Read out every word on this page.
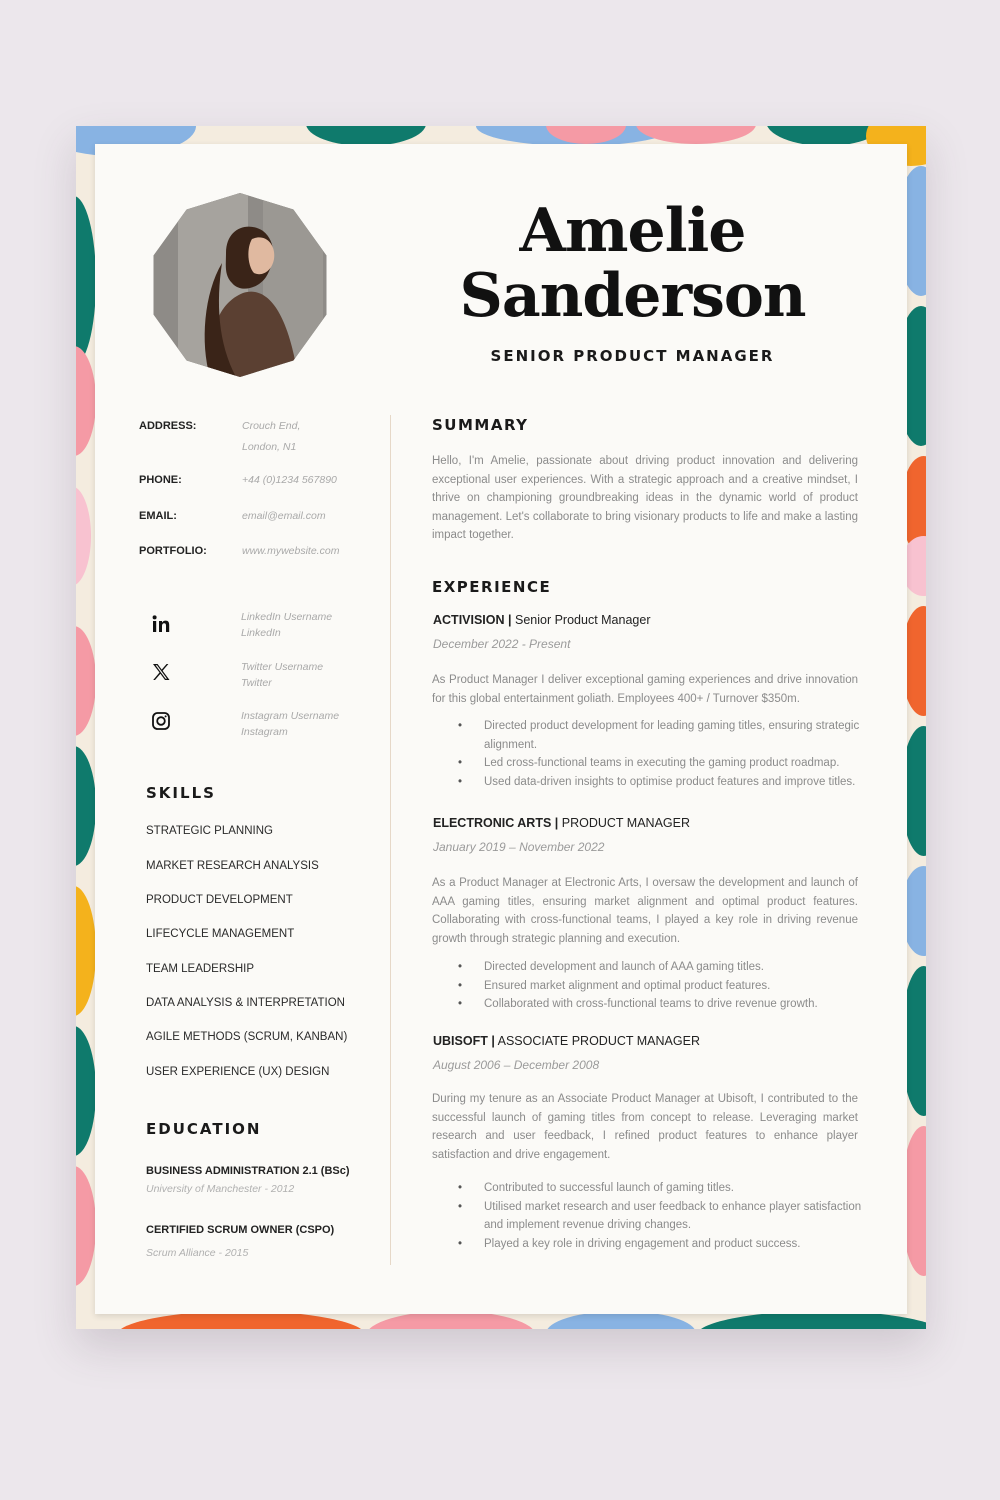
Amelie
Sanderson
SENIOR PRODUCT MANAGER
ADDRESS:	Crouch End,
London, N1
PHONE:	+44 (0)1234 567890
EMAIL:	email@email.com
PORTFOLIO:	www.mywebsite.com
LinkedIn Username
LinkedIn
Twitter Username
Twitter
Instagram Username
Instagram
SKILLS
STRATEGIC PLANNING
MARKET RESEARCH ANALYSIS
PRODUCT DEVELOPMENT
LIFECYCLE MANAGEMENT
TEAM LEADERSHIP
DATA ANALYSIS & INTERPRETATION
AGILE METHODS (SCRUM, KANBAN)
USER EXPERIENCE (UX) DESIGN
EDUCATION
BUSINESS ADMINISTRATION 2.1 (BSc)
University of Manchester - 2012
CERTIFIED SCRUM OWNER (CSPO)
Scrum Alliance - 2015
SUMMARY
Hello, I'm Amelie, passionate about driving product innovation and delivering exceptional user experiences. With a strategic approach and a creative mindset, I thrive on championing groundbreaking ideas in the dynamic world of product management. Let's collaborate to bring visionary products to life and make a lasting impact together.
EXPERIENCE
ACTIVISION | Senior Product Manager
December 2022 - Present
As Product Manager I deliver exceptional gaming experiences and drive innovation for this global entertainment goliath. Employees 400+ / Turnover $350m.
• Directed product development for leading gaming titles, ensuring strategic alignment.
• Led cross-functional teams in executing the gaming product roadmap.
• Used data-driven insights to optimise product features and improve titles.
ELECTRONIC ARTS | PRODUCT MANAGER
January 2019 – November 2022
As a Product Manager at Electronic Arts, I oversaw the development and launch of AAA gaming titles, ensuring market alignment and optimal product features. Collaborating with cross-functional teams, I played a key role in driving revenue growth through strategic planning and execution.
• Directed development and launch of AAA gaming titles.
• Ensured market alignment and optimal product features.
• Collaborated with cross-functional teams to drive revenue growth.
UBISOFT | ASSOCIATE PRODUCT MANAGER
August 2006 – December 2008
During my tenure as an Associate Product Manager at Ubisoft, I contributed to the successful launch of gaming titles from concept to release. Leveraging market research and user feedback, I refined product features to enhance player satisfaction and drive engagement.
• Contributed to successful launch of gaming titles.
• Utilised market research and user feedback to enhance player satisfaction and implement revenue driving changes.
• Played a key role in driving engagement and product success.
